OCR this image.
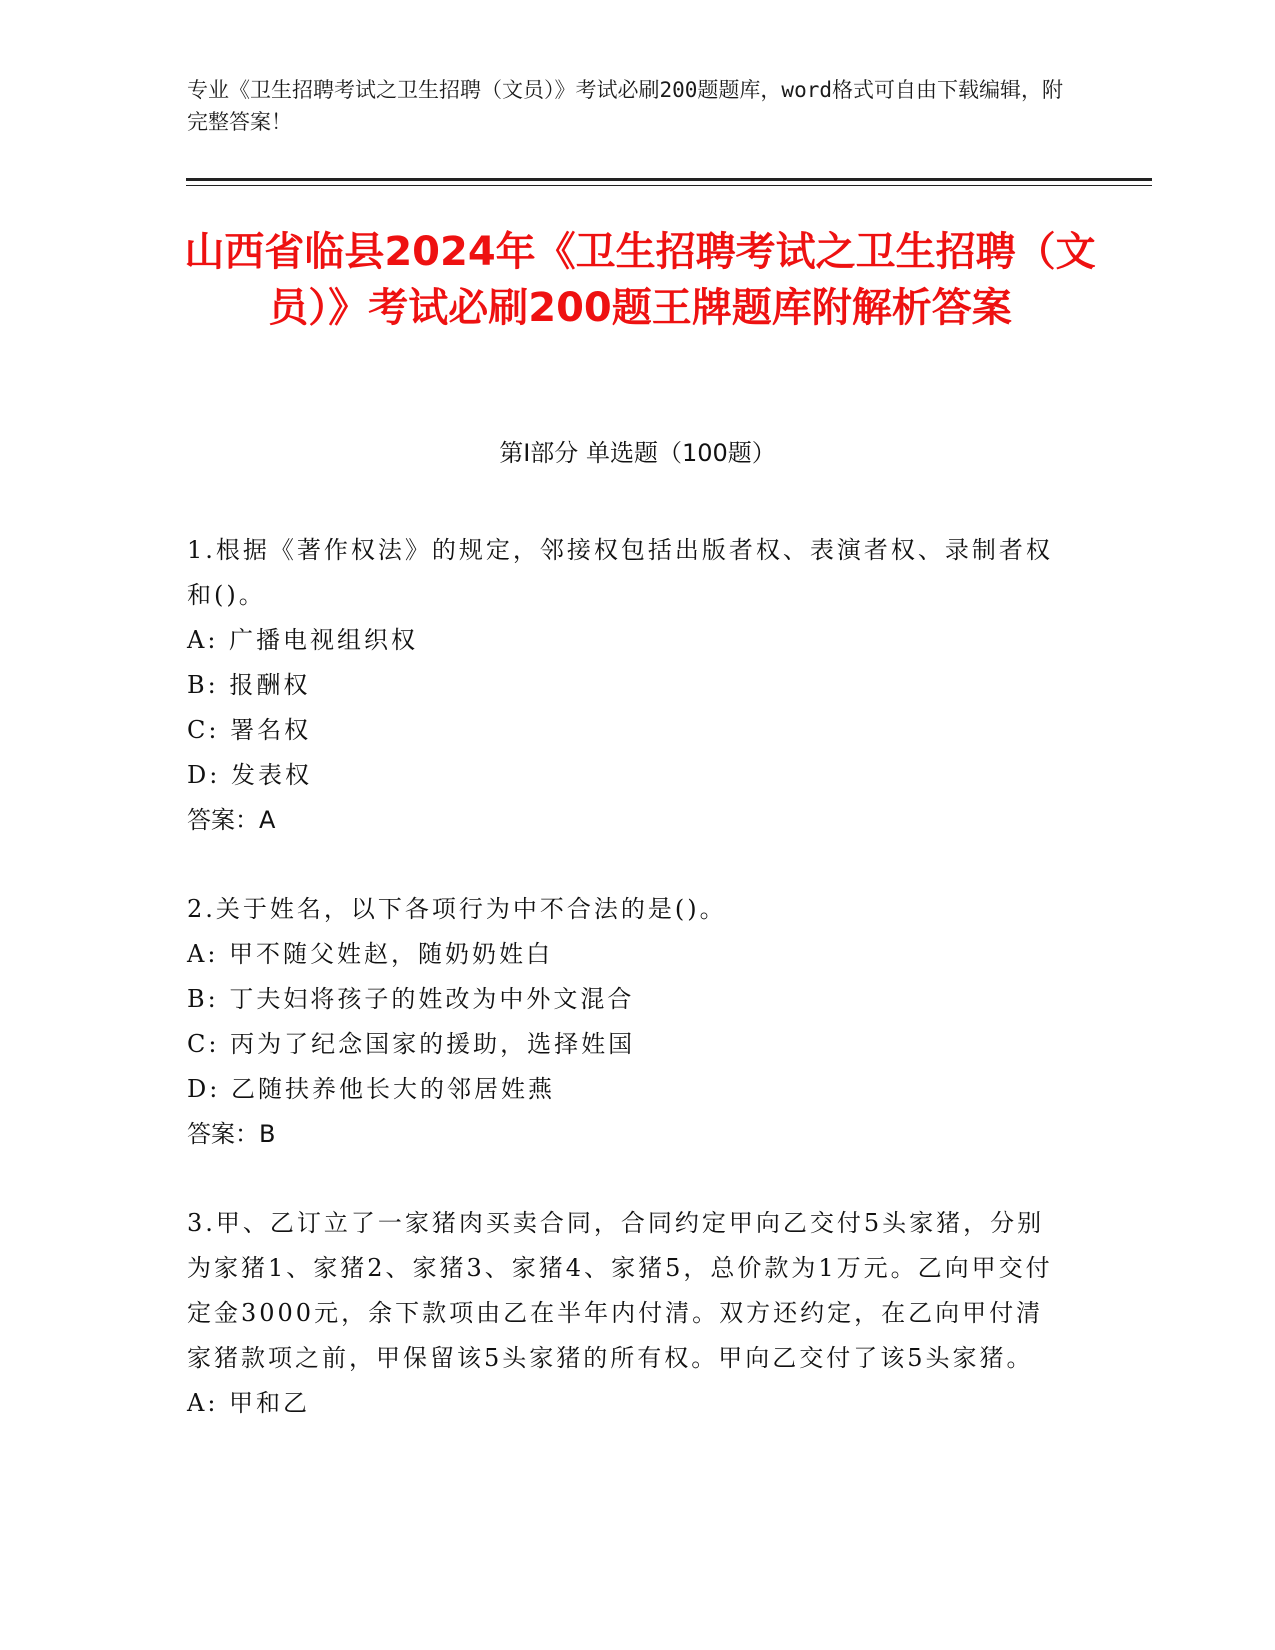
专业《卫生招聘考试之卫生招聘（文员）》考试必刷200题题库，word格式可自由下载编辑，附完整答案！
山西省临县2024年《卫生招聘考试之卫生招聘（文员）》考试必刷200题王牌题库附解析答案
第I部分 单选题（100题）
1.根据《著作权法》的规定，邻接权包括出版者权、表演者权、录制者权和()。
A: 广播电视组织权
B: 报酬权
C: 署名权
D: 发表权
答案：A
2.关于姓名，以下各项行为中不合法的是()。
A: 甲不随父姓赵，随奶奶姓白
B: 丁夫妇将孩子的姓改为中外文混合
C: 丙为了纪念国家的援助，选择姓国
D: 乙随扶养他长大的邻居姓燕
答案：B
3.甲、乙订立了一家猪肉买卖合同，合同约定甲向乙交付5头家猪，分别为家猪1、家猪2、家猪3、家猪4、家猪5，总价款为1万元。乙向甲交付定金3000元，余下款项由乙在半年内付清。双方还约定，在乙向甲付清家猪款项之前，甲保留该5头家猪的所有权。甲向乙交付了该5头家猪。
A: 甲和乙
